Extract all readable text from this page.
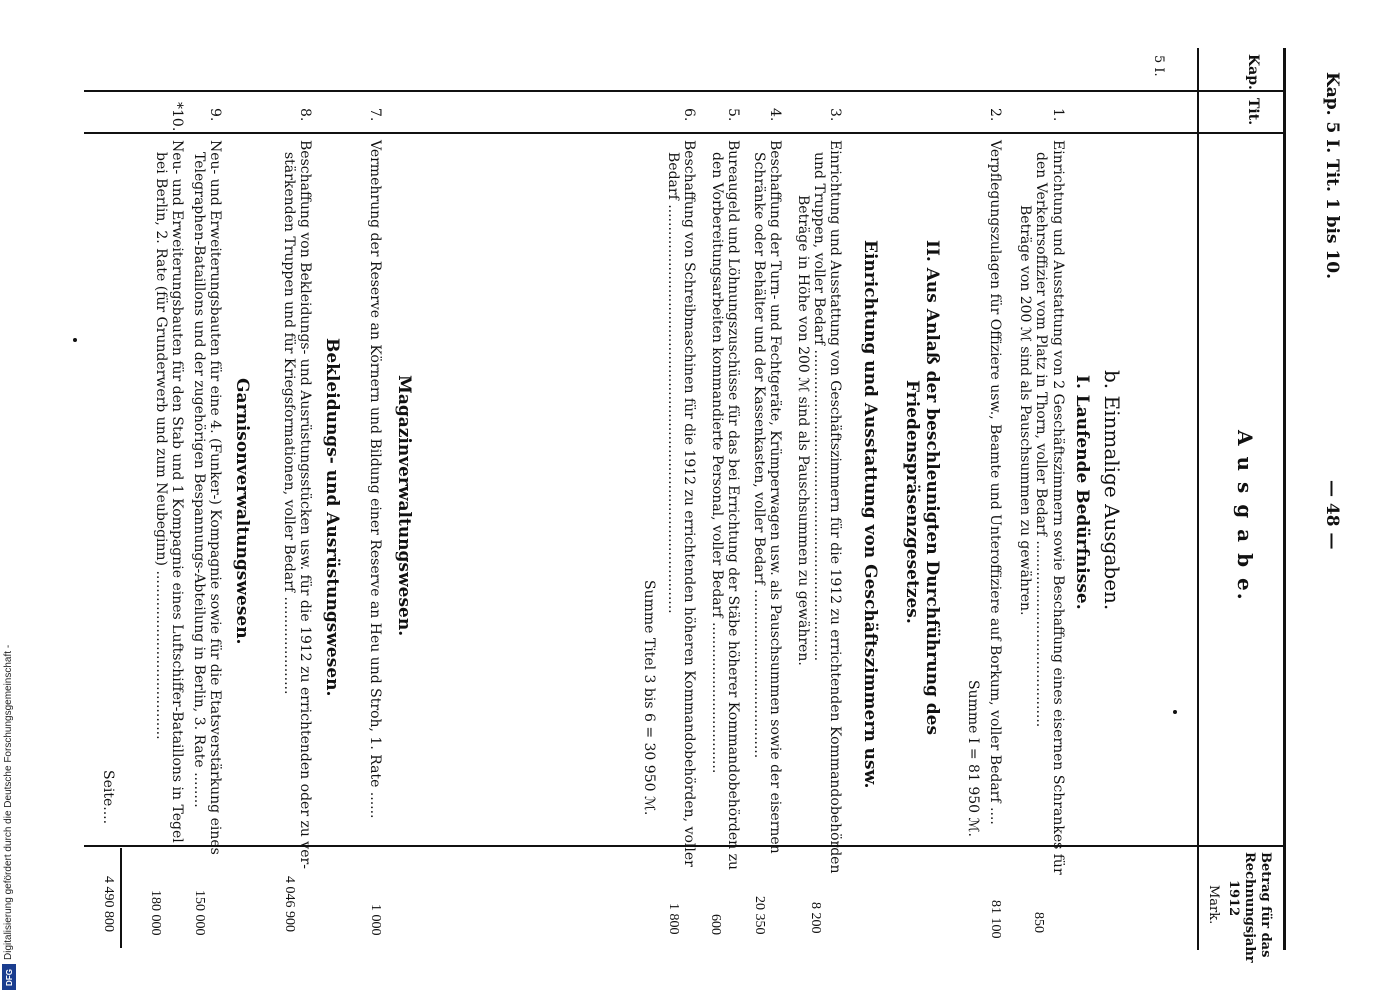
Kap. 5 I. Tit. 1 bis 10.
— 48 —
Kap.
Tit.
A u s g a b e.
Betrag für das
Rechnungsjahr
1912
Mark.
5 I.
b. Einmalige Ausgaben.
I. Laufende Bedürfnisse.
1.
Einrichtung und Ausstattung von 2 Geschäftszimmern sowie Beschaffung eines eisernen Schrankes für
den Verkehrsoffizier vom Platz in Thorn, voller Bedarf ..........................................
Beträge von 200 ℳ sind als Pauschsummen zu gewähren.
850
2.
Verpflegungszulagen für Offiziere usw., Beamte und Unteroffiziere auf Borkum, voller Bedarf ....
Summe I = 81 950 ℳ.
81 100
II. Aus Anlaß der beschleunigten Durchführung des
Friedenspräsenzgesetzes.
Einrichtung und Ausstattung von Geschäftszimmern usw.
3.
Einrichtung und Ausstattung von Geschäftszimmern für die 1912 zu errichtenden Kommandobehörden
und Truppen, voller Bedarf ......................................................................
Beträge in Höhe von 200 ℳ sind als Pauschsummen zu gewähren.
8 200
4.
Beschaffung der Turn- und Fechtgeräte, Krümperwagen usw. als Pauschsummen sowie der eisernen
Schränke oder Behälter und der Kassenkasten, voller Bedarf ......................................
20 350
5.
Bureaugeld und Löhnungszuschüsse für das bei Errichtung der Stäbe höherer Kommandobehörden zu
den Vorbereitungsarbeiten kommandierte Personal, voller Bedarf ..................................
600
6.
Beschaffung von Schreibmaschinen für die 1912 zu errichtenden höheren Kommandobehörden, voller
Bedarf ............................................................................................
Summe Titel 3 bis 6 = 30 950 ℳ.
1 800
Magazinverwaltungswesen.
7.
Vermehrung der Reserve an Körnern und Bildung einer Reserve an Heu und Stroh, 1. Rate ......
1 000
Bekleidungs- und Ausrüstungswesen.
8.
Beschaffung von Bekleidungs- und Ausrüstungsstücken usw. für die 1912 zu errichtenden oder zu ver-
stärkenden Truppen und für Kriegsformationen, voller Bedarf ......................
4 046 900
Garnisonverwaltungswesen.
9.
Neu- und Erweiterungsbauten für eine 4. (Funker-) Kompagnie sowie für die Etatsverstärkung eines
Telegraphen-Bataillons und der zugehörigen Bespannungs-Abteilung in Berlin, 3. Rate ........
150 000
*10.
Neu- und Erweiterungsbauten für den Stab und 1 Kompagnie eines Luftschiffer-Bataillons in Tegel
bei Berlin, 2. Rate (für Grunderwerb und zum Neubeginn) ......................................
180 000
Seite....
4 490 800
DFG
Digitalisierung gefördert durch die Deutsche Forschungsgemeinschaft -
